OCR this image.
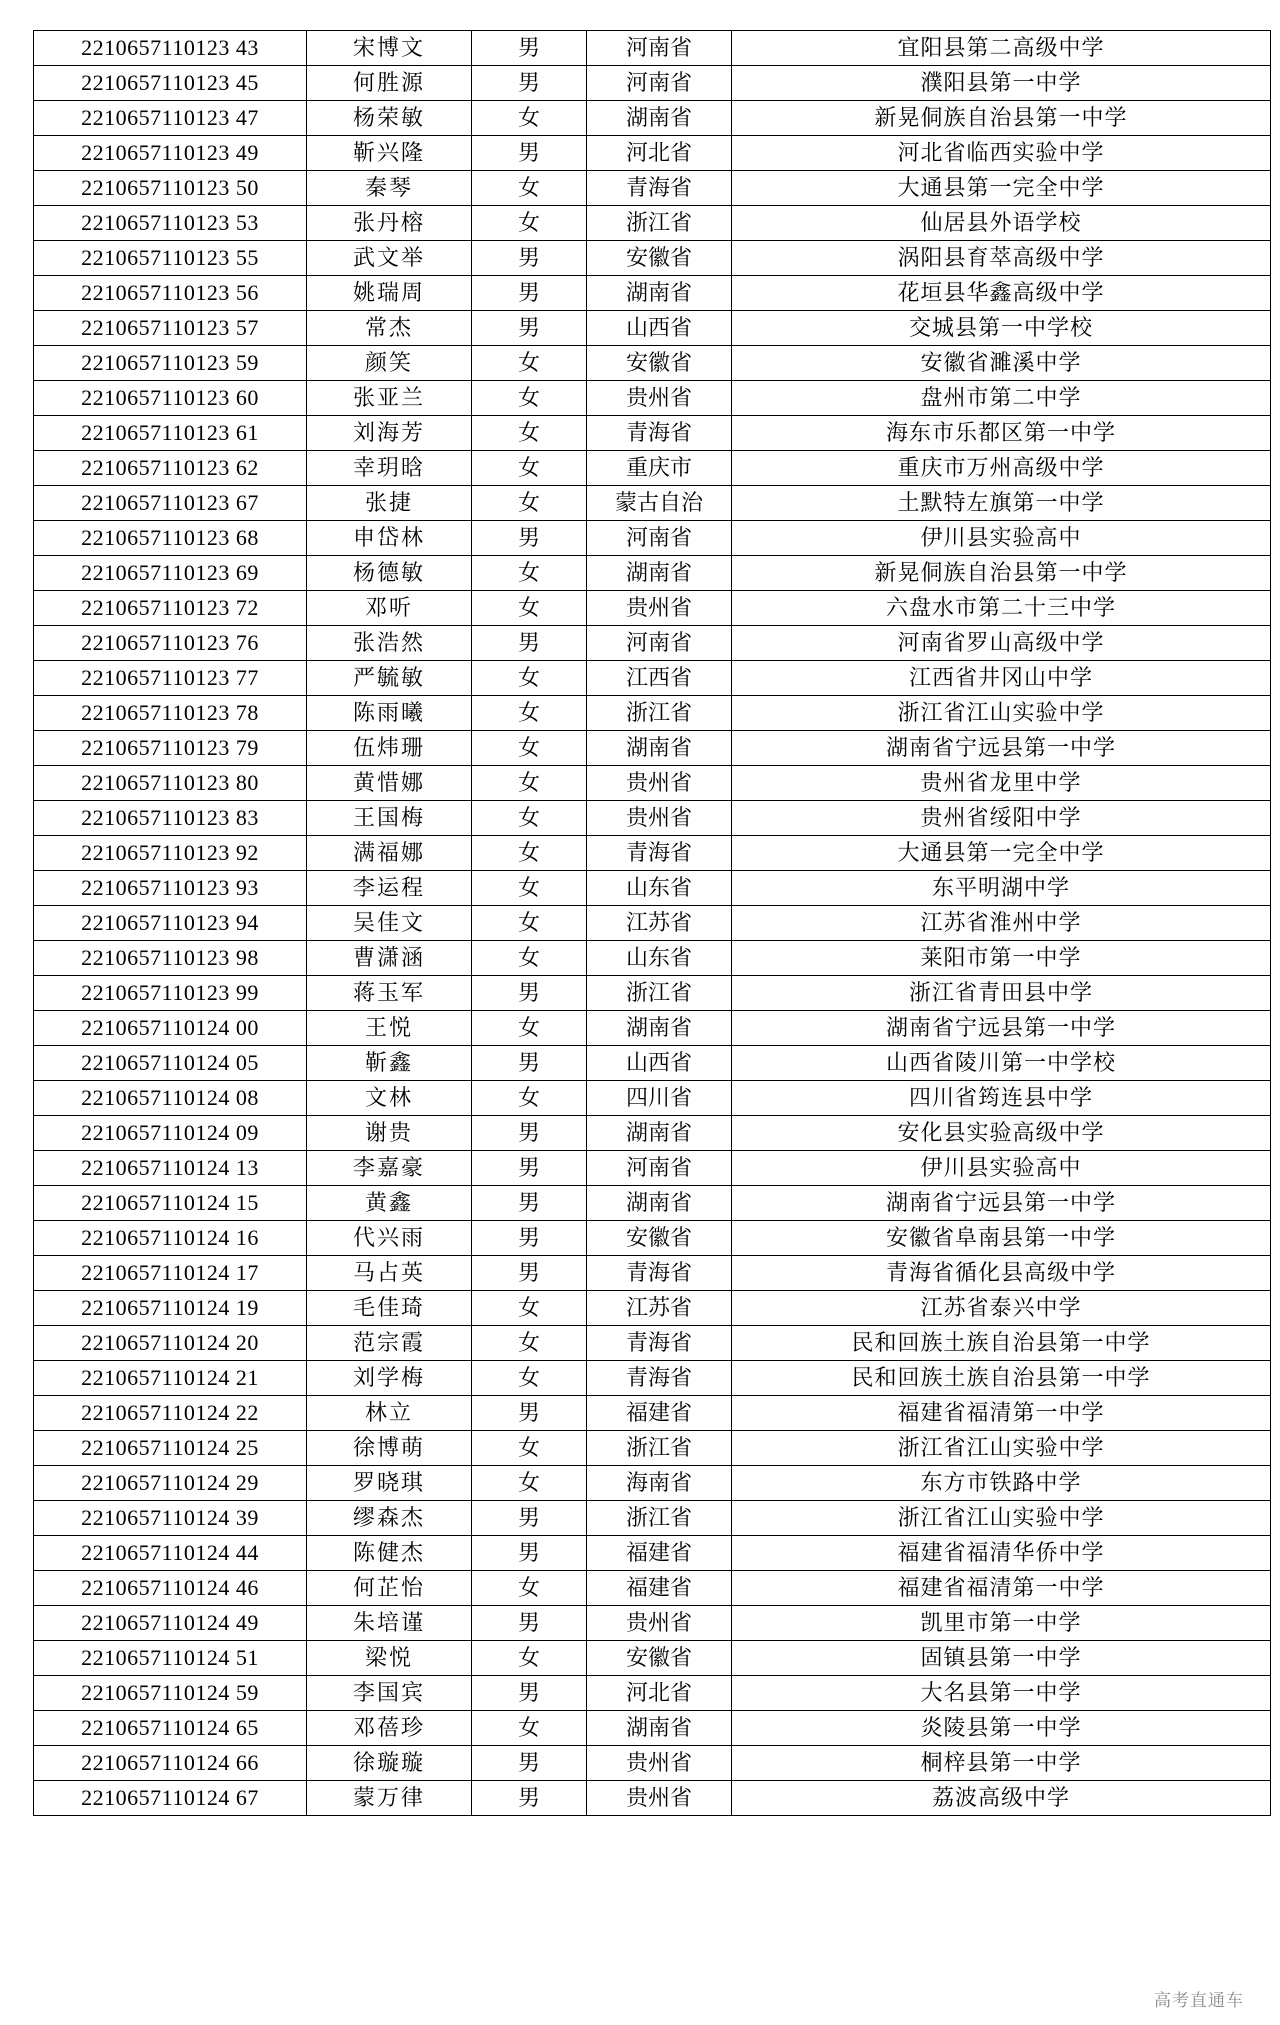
2210657110123 43	宋博文	男	河南省	宜阳县第二高级中学
2210657110123 45	何胜源	男	河南省	濮阳县第一中学
2210657110123 47	杨荣敏	女	湖南省	新晃侗族自治县第一中学
2210657110123 49	靳兴隆	男	河北省	河北省临西实验中学
2210657110123 50	秦琴	女	青海省	大通县第一完全中学
2210657110123 53	张丹榕	女	浙江省	仙居县外语学校
2210657110123 55	武文举	男	安徽省	涡阳县育萃高级中学
2210657110123 56	姚瑞周	男	湖南省	花垣县华鑫高级中学
2210657110123 57	常杰	男	山西省	交城县第一中学校
2210657110123 59	颜笑	女	安徽省	安徽省濉溪中学
2210657110123 60	张亚兰	女	贵州省	盘州市第二中学
2210657110123 61	刘海芳	女	青海省	海东市乐都区第一中学
2210657110123 62	幸玥晗	女	重庆市	重庆市万州高级中学
2210657110123 67	张捷	女	蒙古自治	土默特左旗第一中学
2210657110123 68	申岱林	男	河南省	伊川县实验高中
2210657110123 69	杨德敏	女	湖南省	新晃侗族自治县第一中学
2210657110123 72	邓听	女	贵州省	六盘水市第二十三中学
2210657110123 76	张浩然	男	河南省	河南省罗山高级中学
2210657110123 77	严毓敏	女	江西省	江西省井冈山中学
2210657110123 78	陈雨曦	女	浙江省	浙江省江山实验中学
2210657110123 79	伍炜珊	女	湖南省	湖南省宁远县第一中学
2210657110123 80	黄惜娜	女	贵州省	贵州省龙里中学
2210657110123 83	王国梅	女	贵州省	贵州省绥阳中学
2210657110123 92	满福娜	女	青海省	大通县第一完全中学
2210657110123 93	李运程	女	山东省	东平明湖中学
2210657110123 94	吴佳文	女	江苏省	江苏省淮州中学
2210657110123 98	曹潇涵	女	山东省	莱阳市第一中学
2210657110123 99	蒋玉军	男	浙江省	浙江省青田县中学
2210657110124 00	王悦	女	湖南省	湖南省宁远县第一中学
2210657110124 05	靳鑫	男	山西省	山西省陵川第一中学校
2210657110124 08	文林	女	四川省	四川省筠连县中学
2210657110124 09	谢贵	男	湖南省	安化县实验高级中学
2210657110124 13	李嘉豪	男	河南省	伊川县实验高中
2210657110124 15	黄鑫	男	湖南省	湖南省宁远县第一中学
2210657110124 16	代兴雨	男	安徽省	安徽省阜南县第一中学
2210657110124 17	马占英	男	青海省	青海省循化县高级中学
2210657110124 19	毛佳琦	女	江苏省	江苏省泰兴中学
2210657110124 20	范宗霞	女	青海省	民和回族土族自治县第一中学
2210657110124 21	刘学梅	女	青海省	民和回族土族自治县第一中学
2210657110124 22	林立	男	福建省	福建省福清第一中学
2210657110124 25	徐博萌	女	浙江省	浙江省江山实验中学
2210657110124 29	罗晓琪	女	海南省	东方市铁路中学
2210657110124 39	缪森杰	男	浙江省	浙江省江山实验中学
2210657110124 44	陈健杰	男	福建省	福建省福清华侨中学
2210657110124 46	何芷怡	女	福建省	福建省福清第一中学
2210657110124 49	朱培谨	男	贵州省	凯里市第一中学
2210657110124 51	梁悦	女	安徽省	固镇县第一中学
2210657110124 59	李国宾	男	河北省	大名县第一中学
2210657110124 65	邓蓓珍	女	湖南省	炎陵县第一中学
2210657110124 66	徐璇璇	男	贵州省	桐梓县第一中学
2210657110124 67	蒙万律	男	贵州省	荔波高级中学
高考直通车
